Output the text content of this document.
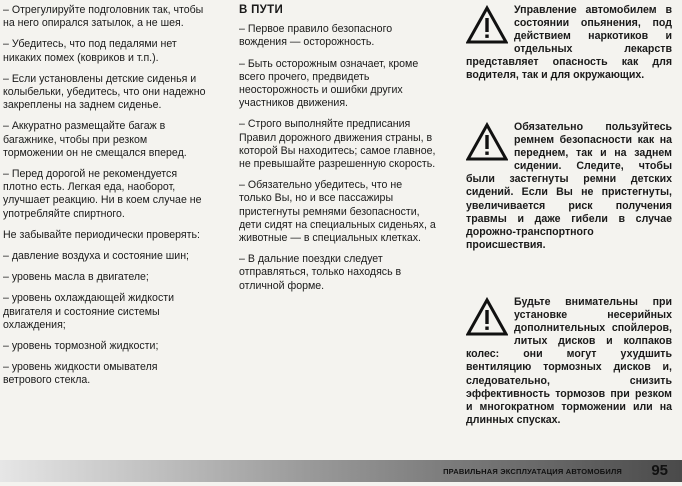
– Отрегулируйте подголовник так, чтобы на него опирался затылок, а не шея.

– Убедитесь, что под педалями нет никаких помех (ковриков и т.п.).

– Если установлены детские сиденья и колыбельки, убедитесь, что они надежно закреплены на заднем сиденье.

– Аккуратно размещайте багаж в багажнике, чтобы при резком торможении он не смещался вперед.

– Перед дорогой не рекомендуется плотно есть. Легкая еда, наоборот, улучшает реакцию. Ни в коем случае не употребляйте спиртного.

Не забывайте периодически проверять:

– давление воздуха и состояние шин;

– уровень масла в двигателе;

– уровень охлаждающей жидкости двигателя и состояние системы охлаждения;

– уровень тормозной жидкости;

– уровень жидкости омывателя ветрового стекла.

В ПУТИ

– Первое правило безопасного вождения — осторожность.

– Быть осторожным означает, кроме всего прочего, предвидеть неосторожность и ошибки других участников движения.

– Строго выполняйте предписания Правил дорожного движения страны, в которой Вы находитесь; самое главное, не превышайте разрешенную скорость.

– Обязательно убедитесь, что не только Вы, но и все пассажиры пристегнуты ремнями безопасности, дети сидят на специальных сиденьях, а животные — в специальных клетках.

– В дальние поездки следует отправляться, только находясь в отличной форме.

Управление автомобилем в состоянии опьянения, под действием наркотиков и отдельных лекарств представляет опасность как для водителя, так и для окружающих.

Обязательно пользуйтесь ремнем безопасности как на переднем, так и на заднем сидении. Следите, чтобы были застегнуты ремни детских сидений. Если Вы не пристегнуты, увеличивается риск получения травмы и даже гибели в случае дорожно-транспортного происшествия.

Будьте внимательны при установке несерийных дополнительных спойлеров, литых дисков и колпаков колес: они могут ухудшить вентиляцию тормозных дисков и, следовательно, снизить эффективность тормозов при резком и многократном торможении или на длинных спусках.

ПРАВИЛЬНАЯ ЭКСПЛУАТАЦИЯ АВТОМОБИЛЯ 95
